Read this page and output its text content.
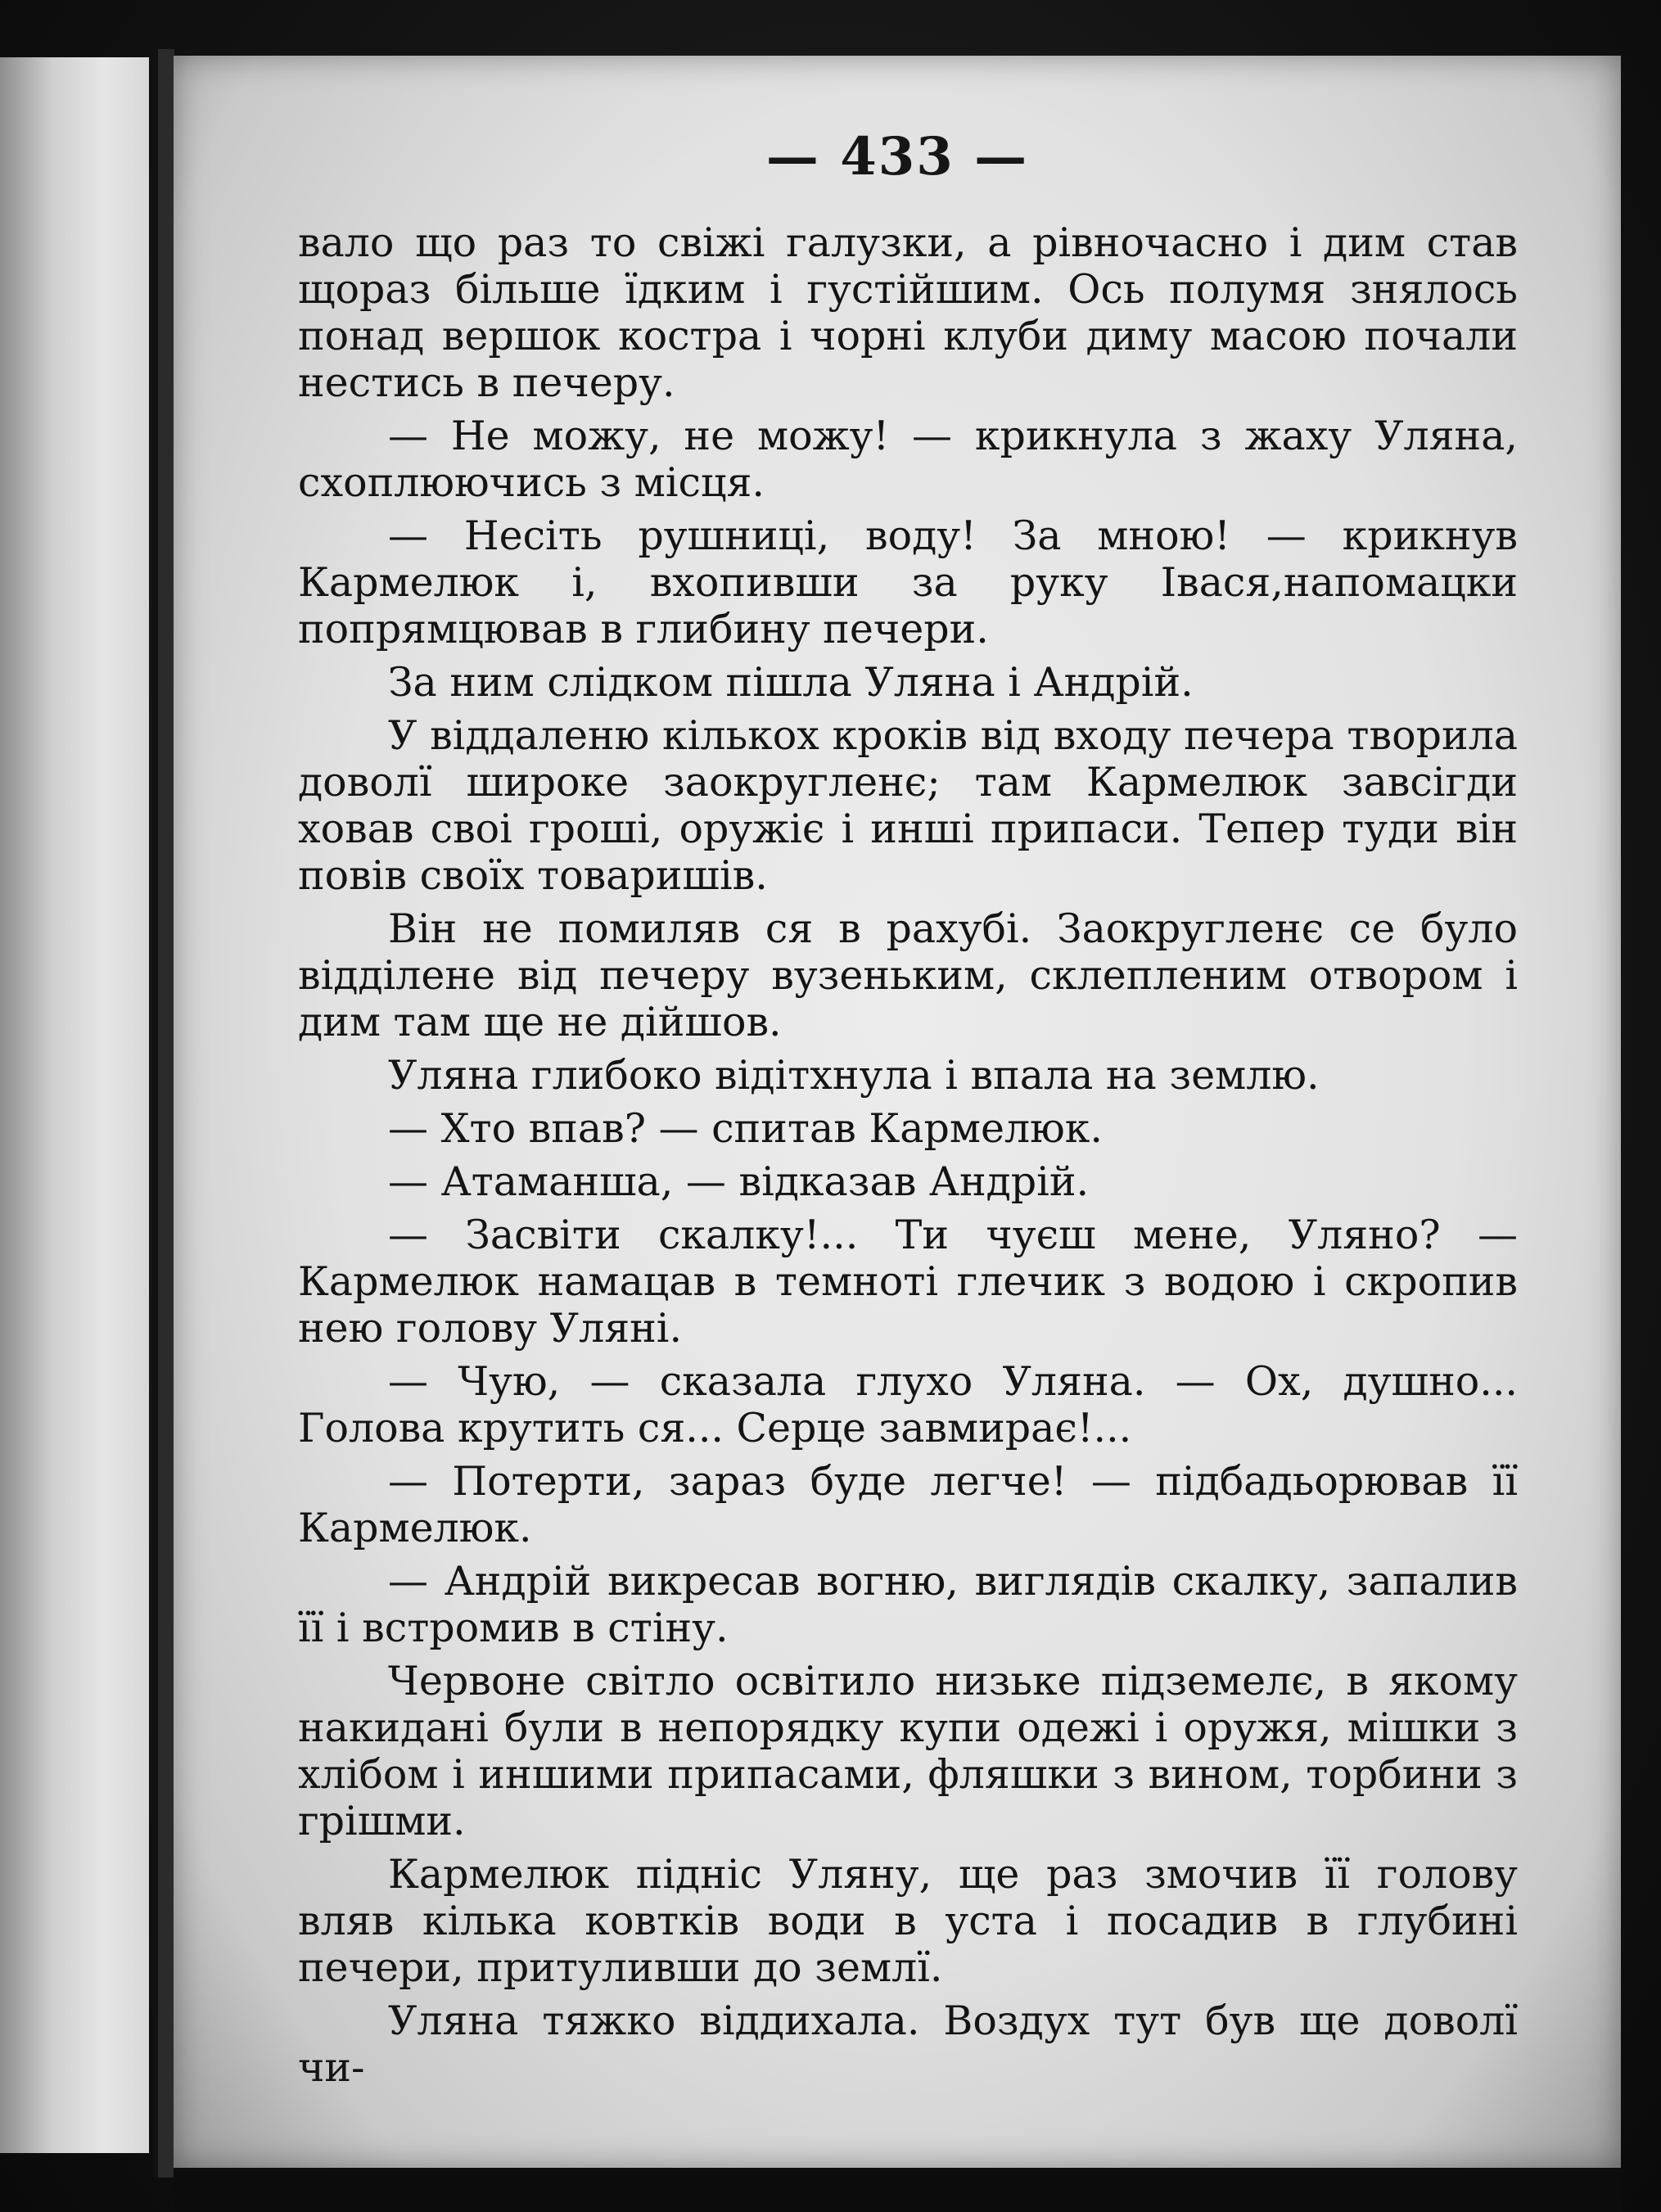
— 433 —

вало що раз то свіжі галузки, а рівночасно і дим став щораз більше їдким і густійшим. Ось полумя знялось понад вершок костра і чорні клуби диму масою почали нестись в печеру.

— Не можу, не можу! — крикнула з жаху Уляна, схоплюючись з місця.

— Несіть рушниці, воду! За мною! — крикнув Кармелюк і, вхопивши за руку Івася,напомацки попрямцював в глибину печери.

За ним слідком пішла Уляна і Андрій.

У віддаленю кількох кроків від входу печера творила доволї широке заокругленє; там Кармелюк завсігди ховав своі гроші, оружіє і инші припаси. Тепер туди він повів своїх товаришів.

Він не помиляв ся в рахубі. Заокругленє се було відділене від печеру вузеньким, склепленим отвором і дим там ще не дійшов.

Уляна глибоко відітхнула і впала на землю.

— Хто впав? — спитав Кармелюк.

— Атаманша, — відказав Андрій.

— Засвіти скалку!... Ти чуєш мене, Уляно? — Кармелюк намацав в темноті глечик з водою і скропив нею голову Уляні.

— Чую, — сказала глухо Уляна. — Ох, душно... Голова крутить ся... Серце завмирає!...

— Потерти, зараз буде легче! — підбадьорював її Кармелюк.

— Андрій викресав вогню, виглядів скалку, запалив її і встромив в стіну.

Червоне світло освітило низьке підземелє, в якому накидані були в непорядку купи одежі і оружя, мішки з хлібом і иншими припасами, фляшки з вином, торбини з грішми.

Кармелюк підніс Уляну, ще раз змочив її голову вляв кілька ковтків води в уста і посадив в глубині печери, притуливши до землї.

Уляна тяжко віддихала. Воздух тут був ще доволї чи-
